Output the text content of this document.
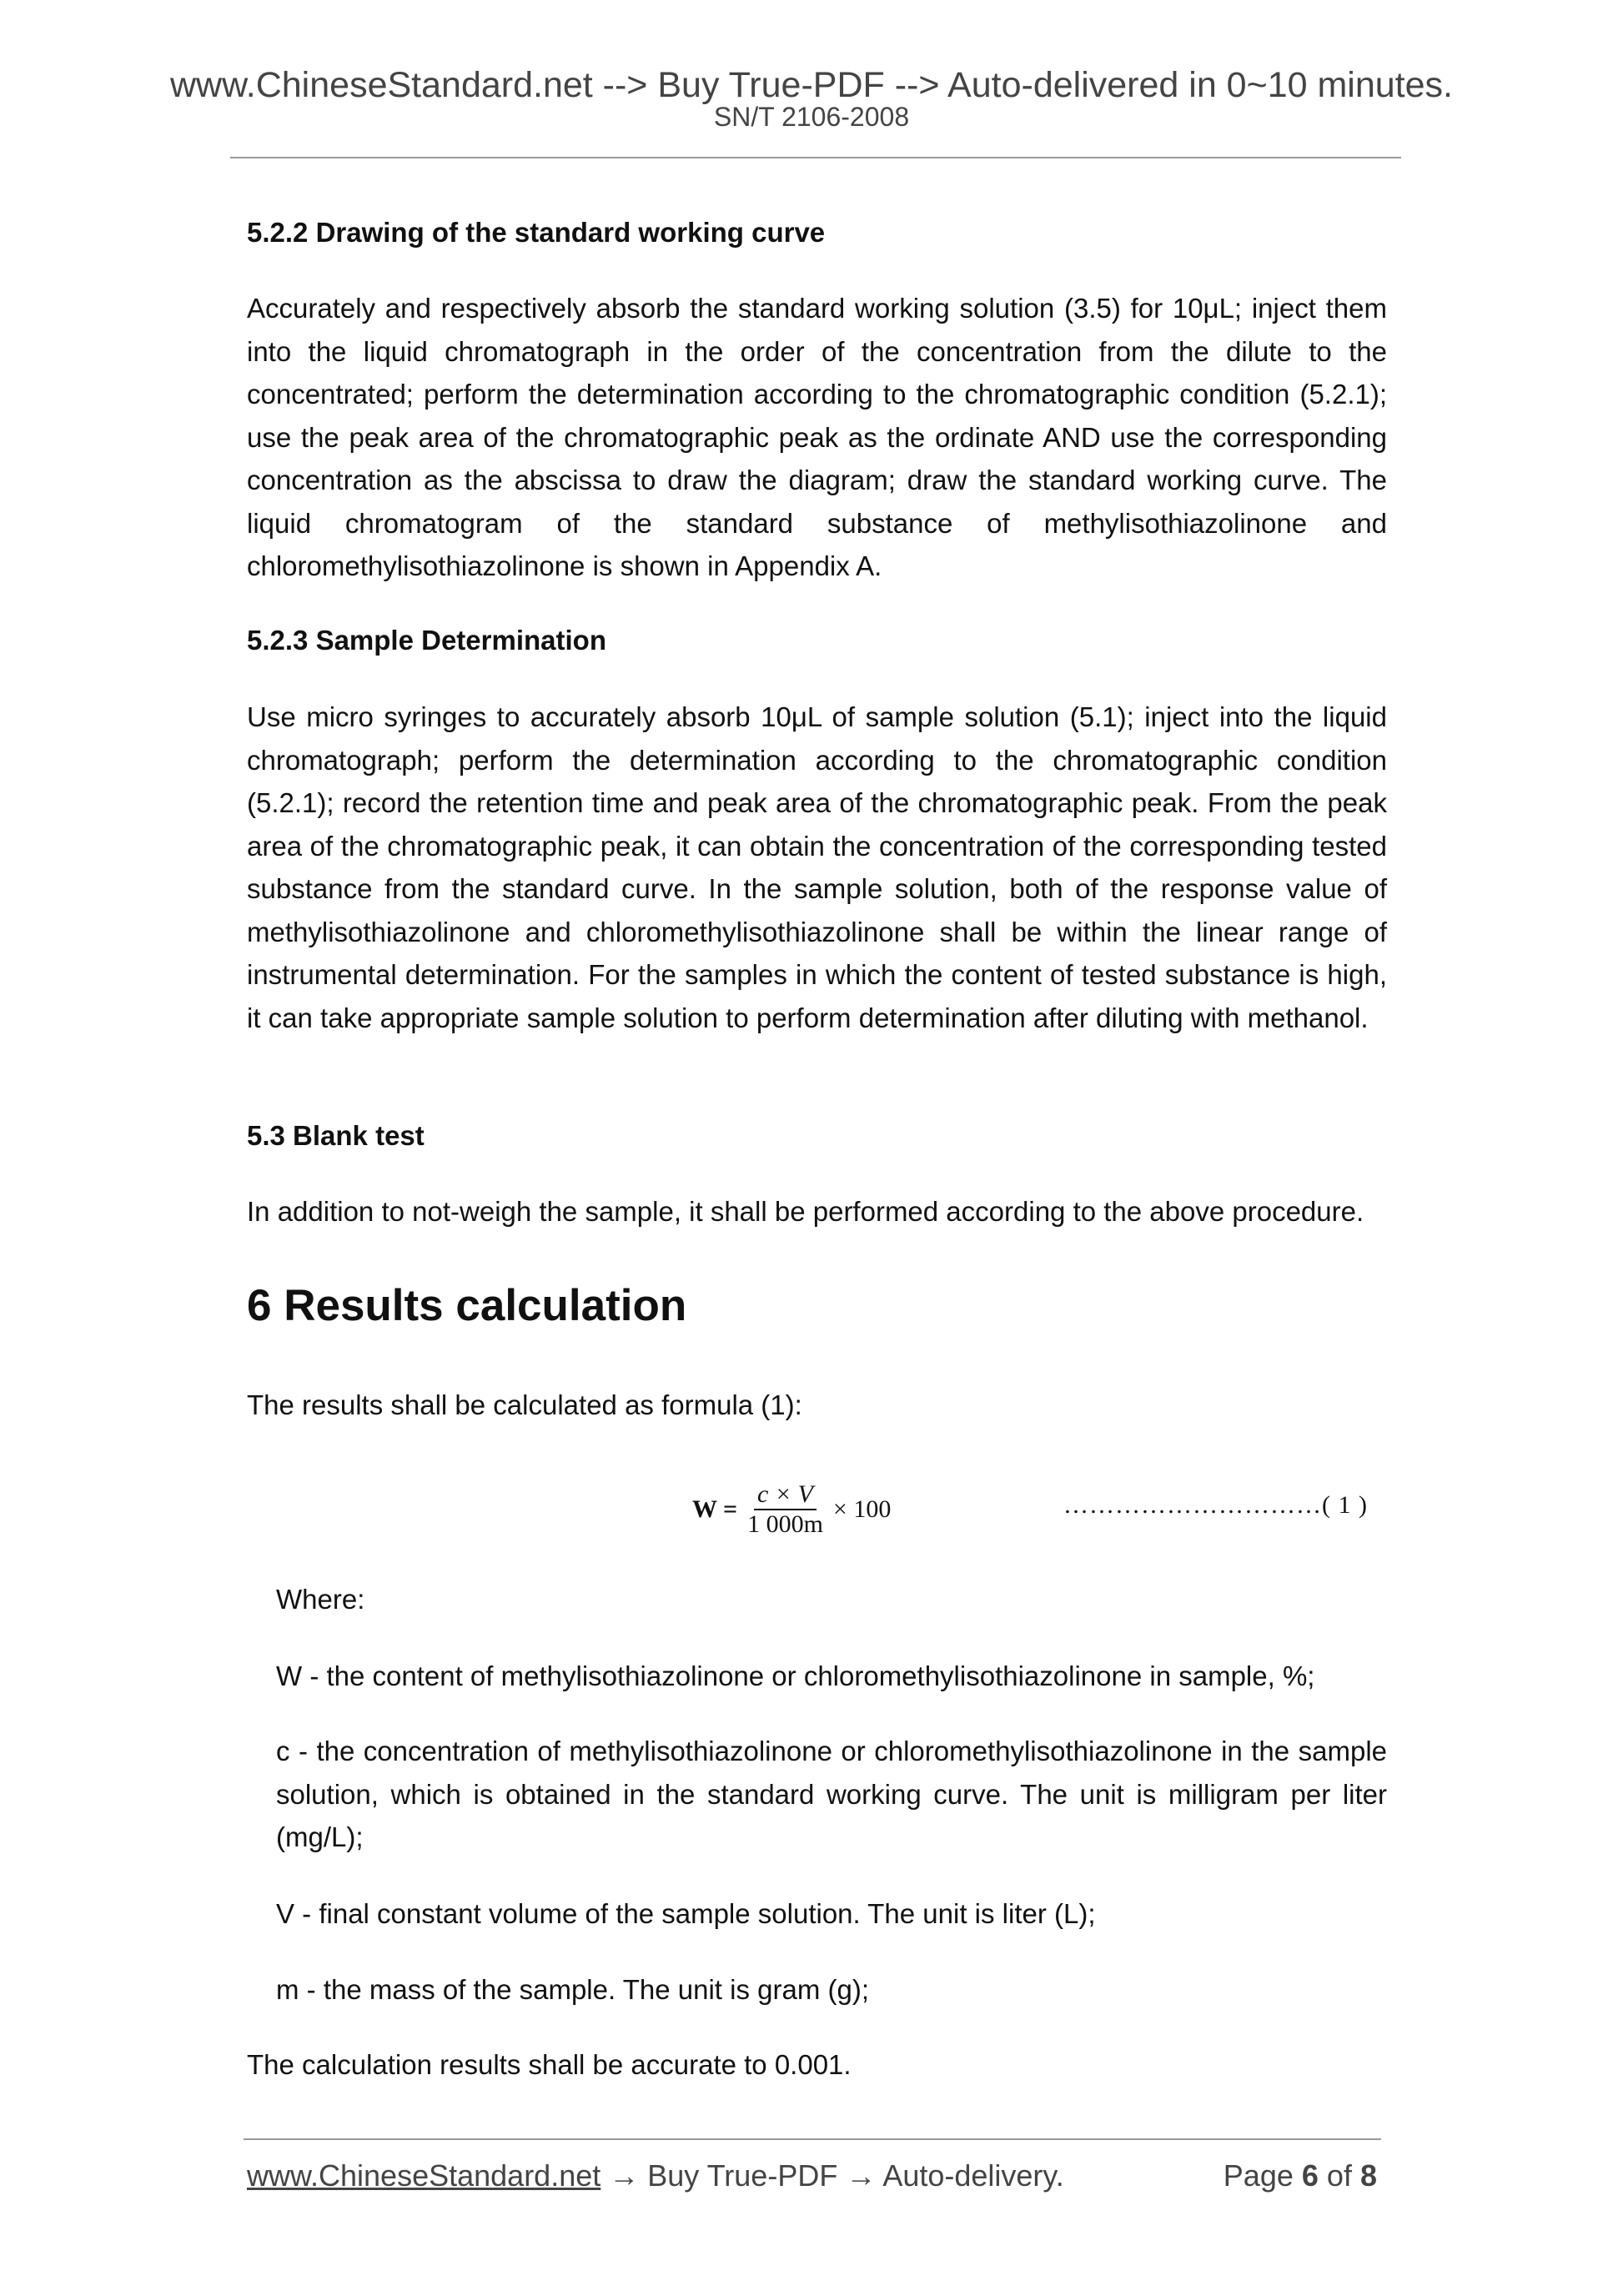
www.ChineseStandard.net --> Buy True-PDF --> Auto-delivered in 0~10 minutes.
SN/T 2106-2008
5.2.2 Drawing of the standard working curve
Accurately and respectively absorb the standard working solution (3.5) for 10μL; inject them into the liquid chromatograph in the order of the concentration from the dilute to the concentrated; perform the determination according to the chromatographic condition (5.2.1); use the peak area of the chromatographic peak as the ordinate AND use the corresponding concentration as the abscissa to draw the diagram; draw the standard working curve. The liquid chromatogram of the standard substance of methylisothiazolinone and chloromethylisothiazolinone is shown in Appendix A.
5.2.3 Sample Determination
Use micro syringes to accurately absorb 10μL of sample solution (5.1); inject into the liquid chromatograph; perform the determination according to the chromatographic condition (5.2.1); record the retention time and peak area of the chromatographic peak. From the peak area of the chromatographic peak, it can obtain the concentration of the corresponding tested substance from the standard curve. In the sample solution, both of the response value of methylisothiazolinone and chloromethylisothiazolinone shall be within the linear range of instrumental determination. For the samples in which the content of tested substance is high, it can take appropriate sample solution to perform determination after diluting with methanol.
5.3 Blank test
In addition to not-weigh the sample, it shall be performed according to the above procedure.
6 Results calculation
The results shall be calculated as formula (1):
$W = \frac{c \times V}{1 000m} \times 100$	…………………………( 1 )
Where:
W - the content of methylisothiazolinone or chloromethylisothiazolinone in sample, %;
c - the concentration of methylisothiazolinone or chloromethylisothiazolinone in the sample solution, which is obtained in the standard working curve. The unit is milligram per liter (mg/L);
V - final constant volume of the sample solution. The unit is liter (L);
m - the mass of the sample. The unit is gram (g);
The calculation results shall be accurate to 0.001.
www.ChineseStandard.net → Buy True-PDF → Auto-delivery.	Page 6 of 8
